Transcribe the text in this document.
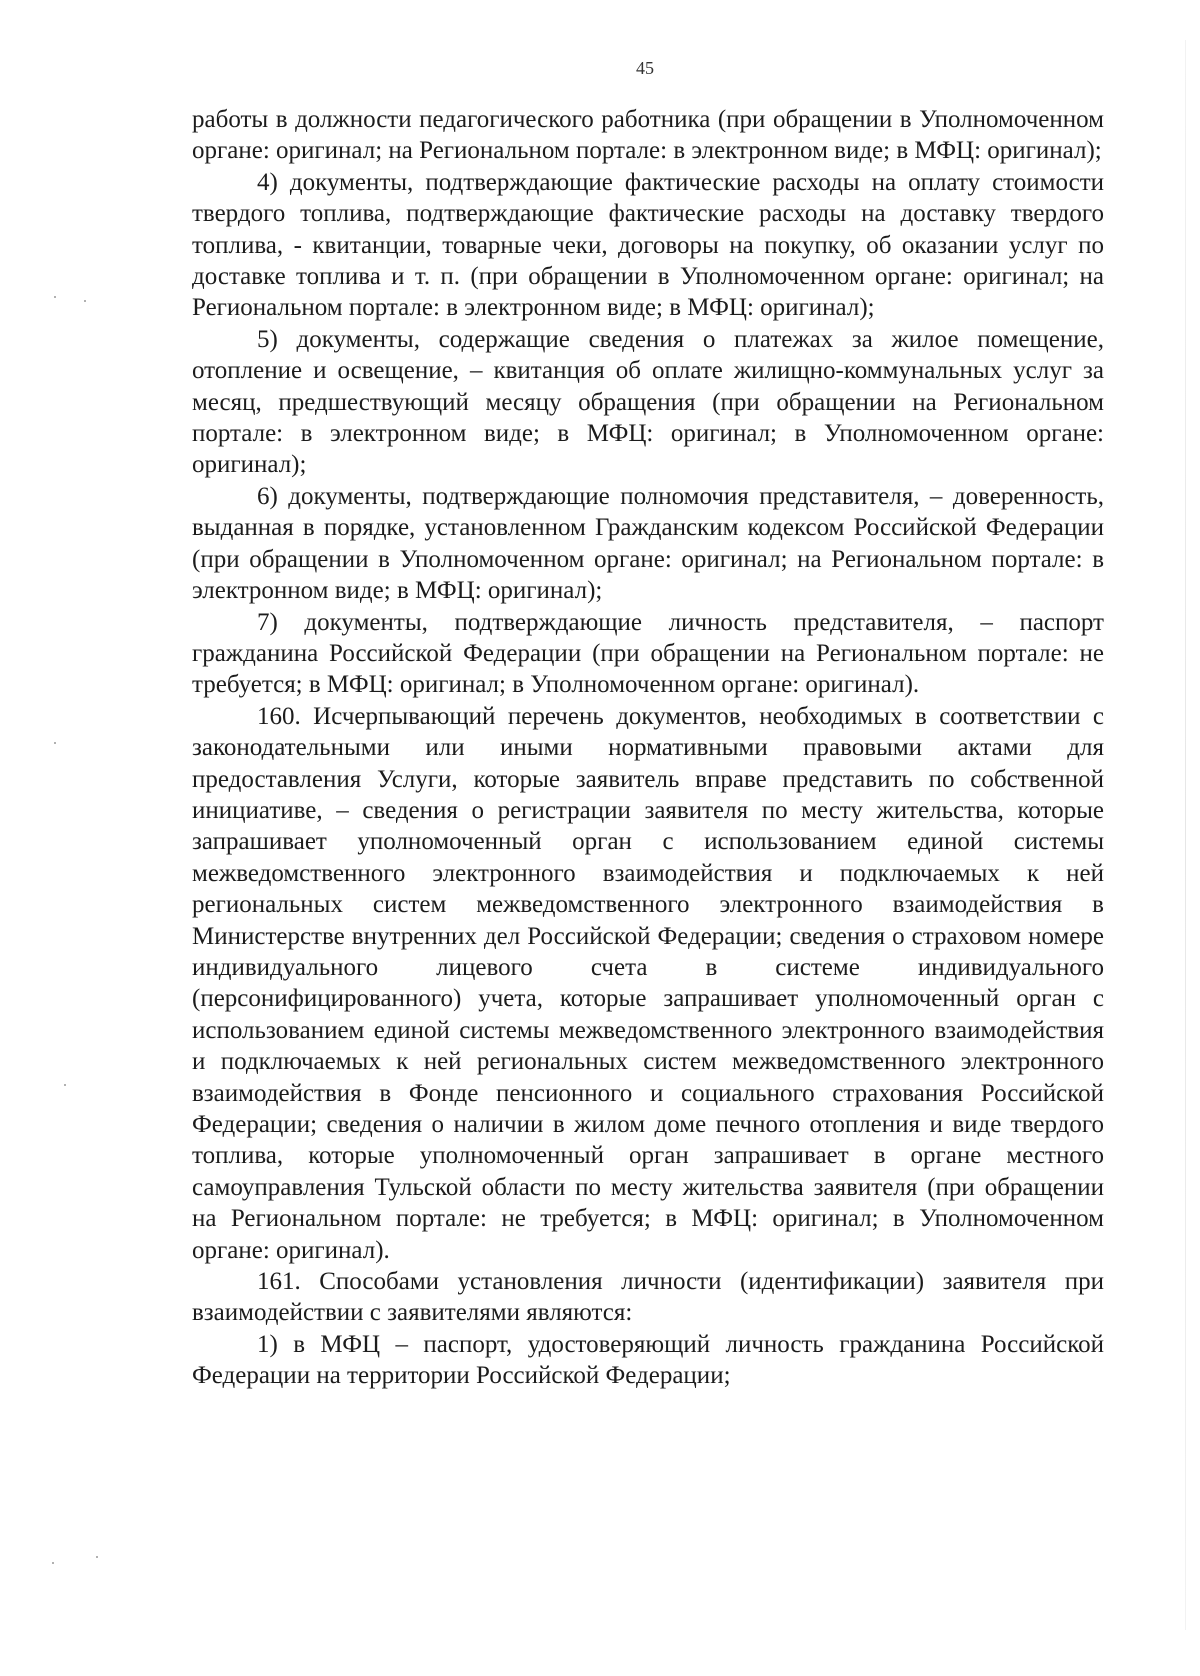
45

работы в должности педагогического работника (при обращении в Уполномоченном органе: оригинал; на Региональном портале: в электронном виде; в МФЦ: оригинал);

4) документы, подтверждающие фактические расходы на оплату стоимости твердого топлива, подтверждающие фактические расходы на доставку твердого топлива, - квитанции, товарные чеки, договоры на покупку, об оказании услуг по доставке топлива и т. п. (при обращении в Уполномоченном органе: оригинал; на Региональном портале: в электронном виде; в МФЦ: оригинал);

5) документы, содержащие сведения о платежах за жилое помещение, отопление и освещение, – квитанция об оплате жилищно-коммунальных услуг за месяц, предшествующий месяцу обращения (при обращении на Региональном портале: в электронном виде; в МФЦ: оригинал; в Уполномоченном органе: оригинал);

6) документы, подтверждающие полномочия представителя, – доверенность, выданная в порядке, установленном Гражданским кодексом Российской Федерации (при обращении в Уполномоченном органе: оригинал; на Региональном портале: в электронном виде; в МФЦ: оригинал);

7) документы, подтверждающие личность представителя, – паспорт гражданина Российской Федерации (при обращении на Региональном портале: не требуется; в МФЦ: оригинал; в Уполномоченном органе: оригинал).

160. Исчерпывающий перечень документов, необходимых в соответствии с законодательными или иными нормативными правовыми актами для предоставления Услуги, которые заявитель вправе представить по собственной инициативе, – сведения о регистрации заявителя по месту жительства, которые запрашивает уполномоченный орган с использованием единой системы межведомственного электронного взаимодействия и подключаемых к ней региональных систем межведомственного электронного взаимодействия в Министерстве внутренних дел Российской Федерации; сведения о страховом номере индивидуального лицевого счета в системе индивидуального (персонифицированного) учета, которые запрашивает уполномоченный орган с использованием единой системы межведомственного электронного взаимодействия и подключаемых к ней региональных систем межведомственного электронного взаимодействия в Фонде пенсионного и социального страхования Российской Федерации; сведения о наличии в жилом доме печного отопления и виде твердого топлива, которые уполномоченный орган запрашивает в органе местного самоуправления Тульской области по месту жительства заявителя (при обращении на Региональном портале: не требуется; в МФЦ: оригинал; в Уполномоченном органе: оригинал).

161. Способами установления личности (идентификации) заявителя при взаимодействии с заявителями являются:

1) в МФЦ – паспорт, удостоверяющий личность гражданина Российской Федерации на территории Российской Федерации;
